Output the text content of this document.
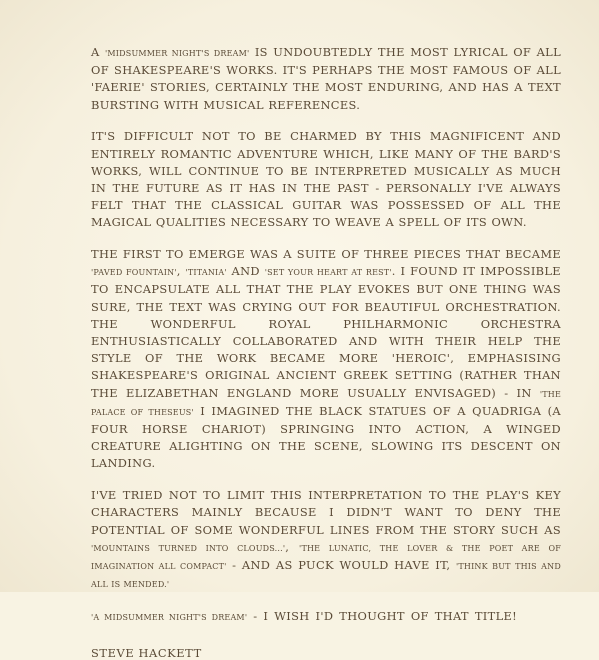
A 'MIDSUMMER NIGHT'S DREAM' IS UNDOUBTEDLY THE MOST LYRICAL OF ALL OF SHAKESPEARE'S WORKS. IT'S PERHAPS THE MOST FAMOUS OF ALL 'FAERIE' STORIES, CERTAINLY THE MOST ENDURING, AND HAS A TEXT BURSTING WITH MUSICAL REFERENCES.

IT'S DIFFICULT NOT TO BE CHARMED BY THIS MAGNIFICENT AND ENTIRELY ROMANTIC ADVENTURE WHICH, LIKE MANY OF THE BARD'S WORKS, WILL CONTINUE TO BE INTERPRETED MUSICALLY AS MUCH IN THE FUTURE AS IT HAS IN THE PAST - PERSONALLY I'VE ALWAYS FELT THAT THE CLASSICAL GUITAR WAS POSSESSED OF ALL THE MAGICAL QUALITIES NECESSARY TO WEAVE A SPELL OF ITS OWN.

THE FIRST TO EMERGE WAS A SUITE OF THREE PIECES THAT BECAME 'PAVED FOUNTAIN', 'TITANIA' AND 'SET YOUR HEART AT REST'. I FOUND IT IMPOSSIBLE TO ENCAPSULATE ALL THAT THE PLAY EVOKES BUT ONE THING WAS SURE, THE TEXT WAS CRYING OUT FOR BEAUTIFUL ORCHESTRATION. THE WONDERFUL ROYAL PHILHARMONIC ORCHESTRA ENTHUSIASTICALLY COLLABORATED AND WITH THEIR HELP THE STYLE OF THE WORK BECAME MORE 'HEROIC', EMPHASISING SHAKESPEARE'S ORIGINAL ANCIENT GREEK SETTING (RATHER THAN THE ELIZABETHAN ENGLAND MORE USUALLY ENVISAGED) - IN 'THE PALACE OF THESEUS' I IMAGINED THE BLACK STATUES OF A QUADRIGA (A FOUR HORSE CHARIOT) SPRINGING INTO ACTION, A WINGED CREATURE ALIGHTING ON THE SCENE, SLOWING ITS DESCENT ON LANDING.

I'VE TRIED NOT TO LIMIT THIS INTERPRETATION TO THE PLAY'S KEY CHARACTERS MAINLY BECAUSE I DIDN'T WANT TO DENY THE POTENTIAL OF SOME WONDERFUL LINES FROM THE STORY SUCH AS 'MOUNTAINS TURNED INTO CLOUDS...', 'THE LUNATIC, THE LOVER & THE POET ARE OF IMAGINATION ALL COMPACT' - AND AS PUCK WOULD HAVE IT, 'THINK BUT THIS AND ALL IS MENDED.'

'A MIDSUMMER NIGHT'S DREAM' - I WISH I'D THOUGHT OF THAT TITLE!

STEVE HACKETT
